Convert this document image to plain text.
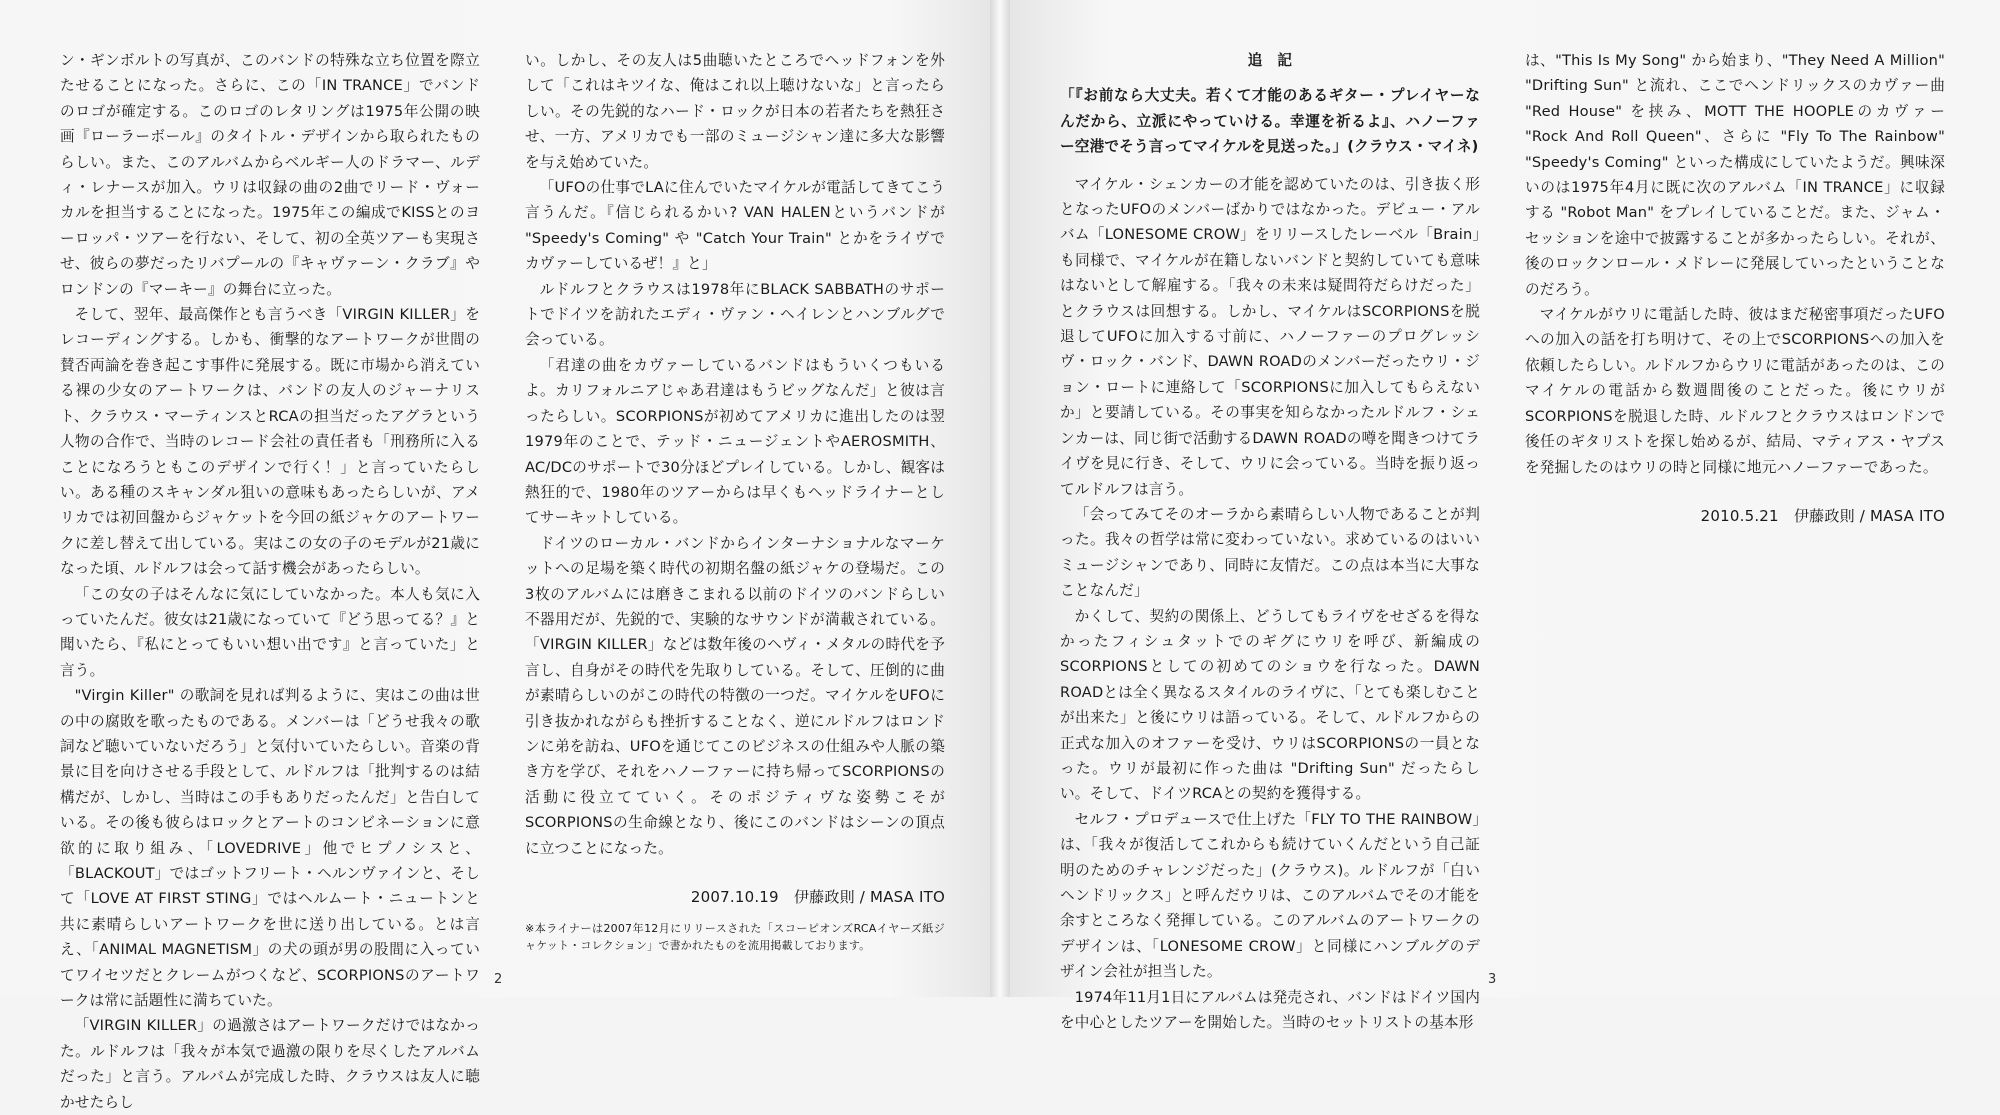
ン・ギンボルトの写真が、このバンドの特殊な立ち位置を際立たせることになった。さらに、この「IN TRANCE」でバンドのロゴが確定する。このロゴのレタリングは1975年公開の映画『ローラーボール』のタイトル・デザインから取られたものらしい。また、このアルバムからベルギー人のドラマー、ルディ・レナースが加入。ウリは収録の曲の2曲でリード・ヴォーカルを担当することになった。1975年この編成でKISSとのヨーロッパ・ツアーを行ない、そして、初の全英ツアーも実現させ、彼らの夢だったリバプールの『キャヴァーン・クラブ』やロンドンの『マーキー』の舞台に立った。

そして、翌年、最高傑作とも言うべき「VIRGIN KILLER」をレコーディングする。しかも、衝撃的なアートワークが世間の賛否両論を巻き起こす事件に発展する。既に市場から消えている裸の少女のアートワークは、バンドの友人のジャーナリスト、クラウス・マーティンスとRCAの担当だったアグラという人物の合作で、当時のレコード会社の責任者も「刑務所に入ることになろうともこのデザインで行く！」と言っていたらしい。ある種のスキャンダル狙いの意味もあったらしいが、アメリカでは初回盤からジャケットを今回の紙ジャケのアートワークに差し替えて出している。実はこの女の子のモデルが21歳になった頃、ルドルフは会って話す機会があったらしい。

「この女の子はそんなに気にしていなかった。本人も気に入っていたんだ。彼女は21歳になっていて『どう思ってる？』と聞いたら、『私にとってもいい想い出です』と言っていた」と言う。

"Virgin Killer" の歌詞を見れば判るように、実はこの曲は世の中の腐敗を歌ったものである。メンバーは「どうせ我々の歌詞など聴いていないだろう」と気付いていたらしい。音楽の背景に目を向けさせる手段として、ルドルフは「批判するのは結構だが、しかし、当時はこの手もありだったんだ」と告白している。その後も彼らはロックとアートのコンビネーションに意欲的に取り組み、「LOVEDRIVE」他でヒプノシスと、「BLACKOUT」ではゴットフリート・ヘルンヴァインと、そして「LOVE AT FIRST STING」ではヘルムート・ニュートンと共に素晴らしいアートワークを世に送り出している。とは言え、「ANIMAL MAGNETISM」の犬の頭が男の股間に入っていてワイセツだとクレームがつくなど、SCORPIONSのアートワークは常に話題性に満ちていた。

「VIRGIN KILLER」の過激さはアートワークだけではなかった。ルドルフは「我々が本気で過激の限りを尽くしたアルバムだった」と言う。アルバムが完成した時、クラウスは友人に聴かせたらし

い。しかし、その友人は5曲聴いたところでヘッドフォンを外して「これはキツイな、俺はこれ以上聴けないな」と言ったらしい。その先鋭的なハード・ロックが日本の若者たちを熱狂させ、一方、アメリカでも一部のミュージシャン達に多大な影響を与え始めていた。

「UFOの仕事でLAに住んでいたマイケルが電話してきてこう言うんだ。『信じられるかい? VAN HALENというバンドが "Speedy's Coming" や "Catch Your Train" とかをライヴでカヴァーしているぜ！』と」

ルドルフとクラウスは1978年にBLACK SABBATHのサポートでドイツを訪れたエディ・ヴァン・ヘイレンとハンブルグで会っている。

「君達の曲をカヴァーしているバンドはもういくつもいるよ。カリフォルニアじゃあ君達はもうビッグなんだ」と彼は言ったらしい。SCORPIONSが初めてアメリカに進出したのは翌1979年のことで、テッド・ニュージェントやAEROSMITH、AC/DCのサポートで30分ほどプレイしている。しかし、観客は熱狂的で、1980年のツアーからは早くもヘッドライナーとしてサーキットしている。

ドイツのローカル・バンドからインターナショナルなマーケットへの足場を築く時代の初期名盤の紙ジャケの登場だ。この3枚のアルバムには磨きこまれる以前のドイツのバンドらしい不器用だが、先鋭的で、実験的なサウンドが満載されている。「VIRGIN KILLER」などは数年後のヘヴィ・メタルの時代を予言し、自身がその時代を先取りしている。そして、圧倒的に曲が素晴らしいのがこの時代の特徴の一つだ。マイケルをUFOに引き抜かれながらも挫折することなく、逆にルドルフはロンドンに弟を訪ね、UFOを通じてこのビジネスの仕組みや人脈の築き方を学び、それをハノーファーに持ち帰ってSCORPIONSの活動に役立てていく。そのポジティヴな姿勢こそがSCORPIONSの生命線となり、後にこのバンドはシーンの頂点に立つことになった。

2007.10.19　伊藤政則 / MASA ITO

※本ライナーは2007年12月にリリースされた「スコーピオンズRCAイヤーズ紙ジャケット・コレクション」で書かれたものを流用掲載しております。

2

追　記

「『お前なら大丈夫。若くて才能のあるギター・プレイヤーなんだから、立派にやっていける。幸運を祈るよ』、ハノーファー空港でそう言ってマイケルを見送った。」(クラウス・マイネ)

マイケル・シェンカーの才能を認めていたのは、引き抜く形となったUFOのメンバーばかりではなかった。デビュー・アルバム「LONESOME CROW」をリリースしたレーベル「Brain」も同様で、マイケルが在籍しないバンドと契約していても意味はないとして解雇する。「我々の未来は疑問符だらけだった」とクラウスは回想する。しかし、マイケルはSCORPIONSを脱退してUFOに加入する寸前に、ハノーファーのプログレッシヴ・ロック・バンド、DAWN ROADのメンバーだったウリ・ジョン・ロートに連絡して「SCORPIONSに加入してもらえないか」と要請している。その事実を知らなかったルドルフ・シェンカーは、同じ街で活動するDAWN ROADの噂を聞きつけてライヴを見に行き、そして、ウリに会っている。当時を振り返ってルドルフは言う。

「会ってみてそのオーラから素晴らしい人物であることが判った。我々の哲学は常に変わっていない。求めているのはいいミュージシャンであり、同時に友情だ。この点は本当に大事なことなんだ」

かくして、契約の関係上、どうしてもライヴをせざるを得なかったフィシュタットでのギグにウリを呼び、新編成のSCORPIONSとしての初めてのショウを行なった。DAWN ROADとは全く異なるスタイルのライヴに、「とても楽しむことが出来た」と後にウリは語っている。そして、ルドルフからの正式な加入のオファーを受け、ウリはSCORPIONSの一員となった。ウリが最初に作った曲は "Drifting Sun" だったらしい。そして、ドイツRCAとの契約を獲得する。

セルフ・プロデュースで仕上げた「FLY TO THE RAINBOW」は、「我々が復活してこれからも続けていくんだという自己証明のためのチャレンジだった」(クラウス)。ルドルフが「白いヘンドリックス」と呼んだウリは、このアルバムでその才能を余すところなく発揮している。このアルバムのアートワークのデザインは、「LONESOME CROW」と同様にハンブルグのデザイン会社が担当した。

1974年11月1日にアルバムは発売され、バンドはドイツ国内を中心としたツアーを開始した。当時のセットリストの基本形

は、"This Is My Song" から始まり、"They Need A Million" "Drifting Sun" と流れ、ここでヘンドリックスのカヴァー曲 "Red House" を挟み、MOTT THE HOOPLEのカヴァー "Rock And Roll Queen"、さらに "Fly To The Rainbow" "Speedy's Coming" といった構成にしていたようだ。興味深いのは1975年4月に既に次のアルバム「IN TRANCE」に収録する "Robot Man" をプレイしていることだ。また、ジャム・セッションを途中で披露することが多かったらしい。それが、後のロックンロール・メドレーに発展していったということなのだろう。

マイケルがウリに電話した時、彼はまだ秘密事項だったUFOへの加入の話を打ち明けて、その上でSCORPIONSへの加入を依頼したらしい。ルドルフからウリに電話があったのは、このマイケルの電話から数週間後のことだった。後にウリがSCORPIONSを脱退した時、ルドルフとクラウスはロンドンで後任のギタリストを探し始めるが、結局、マティアス・ヤプスを発掘したのはウリの時と同様に地元ハノーファーであった。

2010.5.21　伊藤政則 / MASA ITO

3
